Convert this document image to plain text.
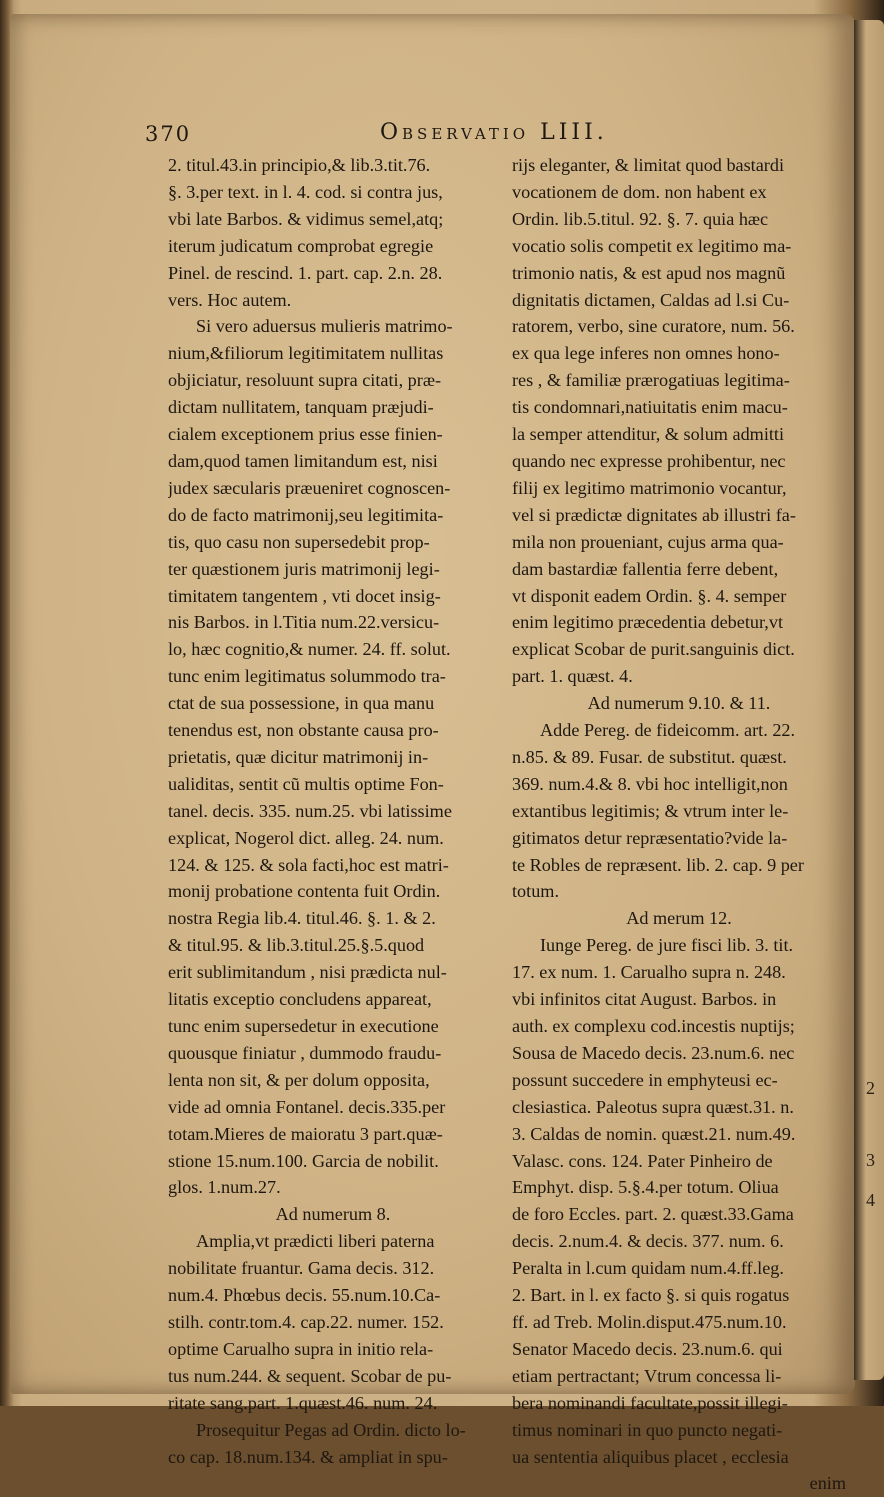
370	Observatio LIII.

2. titul.43.in principio,& lib.3.tit.76.

§. 3.per text. in l. 4. cod. si contra jus,

vbi late Barbos. & vidimus semel,atq;

iterum judicatum comprobat egregie

Pinel. de rescind. 1. part. cap. 2.n. 28.

vers. Hoc autem.

Si vero aduersus mulieris matrimo-

nium,&filiorum legitimitatem nullitas

objiciatur, resoluunt supra citati, præ-

dictam nullitatem, tanquam præjudi-

cialem exceptionem prius esse finien-

dam,quod tamen limitandum est, nisi

judex sæcularis præueniret cognoscen-

do de facto matrimonij,seu legitimita-

tis, quo casu non supersedebit prop-

ter quæstionem juris matrimonij legi-

timitatem tangentem , vti docet insig-

nis Barbos. in l.Titia num.22.versicu-

lo, hæc cognitio,& numer. 24. ff. solut.

tunc enim legitimatus solummodo tra-

ctat de sua possessione, in qua manu

tenendus est, non obstante causa pro-

prietatis, quæ dicitur matrimonij in-

ualiditas, sentit cũ multis optime Fon-

tanel. decis. 335. num.25. vbi latissime

explicat, Nogerol dict. alleg. 24. num.

124. & 125. & sola facti,hoc est matri-

monij probatione contenta fuit Ordin.

nostra Regia lib.4. titul.46. §. 1. & 2.

& titul.95. & lib.3.titul.25.§.5.quod

erit sublimitandum , nisi prædicta nul-

litatis exceptio concludens appareat,

tunc enim supersedetur in executione

quousque finiatur , dummodo fraudu-

lenta non sit, & per dolum opposita,

vide ad omnia Fontanel. decis.335.per

totam.Mieres de maioratu 3 part.quæ-

stione 15.num.100. Garcia de nobilit.

glos. 1.num.27.

Ad numerum 8.

Amplia,vt prædicti liberi paterna

nobilitate fruantur. Gama decis. 312.

num.4. Phœbus decis. 55.num.10.Ca-

stilh. contr.tom.4. cap.22. numer. 152.

optime Carualho supra in initio rela-

tus num.244. & sequent. Scobar de pu-

ritate sang.part. 1.quæst.46. num. 24.

Prosequitur Pegas ad Ordin. dicto lo-

co cap. 18.num.134. & ampliat in spu-

rijs eleganter, & limitat quod bastardi

vocationem de dom. non habent ex

Ordin. lib.5.titul. 92. §. 7. quia hæc

vocatio solis competit ex legitimo ma-

trimonio natis, & est apud nos magnũ

dignitatis dictamen, Caldas ad l.si Cu-

ratorem, verbo, sine curatore, num. 56.

ex qua lege inferes non omnes hono-

res , & familiæ prærogatiuas legitima-

tis condomnari,natiuitatis enim macu-

la semper attenditur, & solum admitti

quando nec expresse prohibentur, nec

filij ex legitimo matrimonio vocantur,

vel si prædictæ dignitates ab illustri fa-

mila non proueniant, cujus arma qua-

dam bastardiæ fallentia ferre debent,

vt disponit eadem Ordin. §. 4. semper

enim legitimo præcedentia debetur,vt

explicat Scobar de purit.sanguinis dict.

part. 1. quæst. 4.

Ad numerum 9.10. & 11.

Adde Pereg. de fideicomm. art. 22.

n.85. & 89. Fusar. de substitut. quæst.

369. num.4.& 8. vbi hoc intelligit,non

extantibus legitimis; & vtrum inter le-

gitimatos detur repræsentatio?vide la-

te Robles de repræsent. lib. 2. cap. 9 per

totum.

Ad merum 12.

Iunge Pereg. de jure fisci lib. 3. tit.

17. ex num. 1. Carualho supra n. 248.

vbi infinitos citat August. Barbos. in

auth. ex complexu cod.incestis nuptijs;

Sousa de Macedo decis. 23.num.6. nec

possunt succedere in emphyteusi ec-

clesiastica. Paleotus supra quæst.31. n.

3. Caldas de nomin. quæst.21. num.49.

Valasc. cons. 124. Pater Pinheiro de

Emphyt. disp. 5.§.4.per totum. Oliua

de foro Eccles. part. 2. quæst.33.Gama

decis. 2.num.4. & decis. 377. num. 6.

Peralta in l.cum quidam num.4.ff.leg.

2. Bart. in l. ex facto §. si quis rogatus

ff. ad Treb. Molin.disput.475.num.10.

Senator Macedo decis. 23.num.6. qui

etiam pertractant; Vtrum concessa li-

bera nominandi facultate,possit illegi-

timus nominari in quo puncto negati-

ua sententia aliquibus placet , ecclesia

enim

2
3
4
